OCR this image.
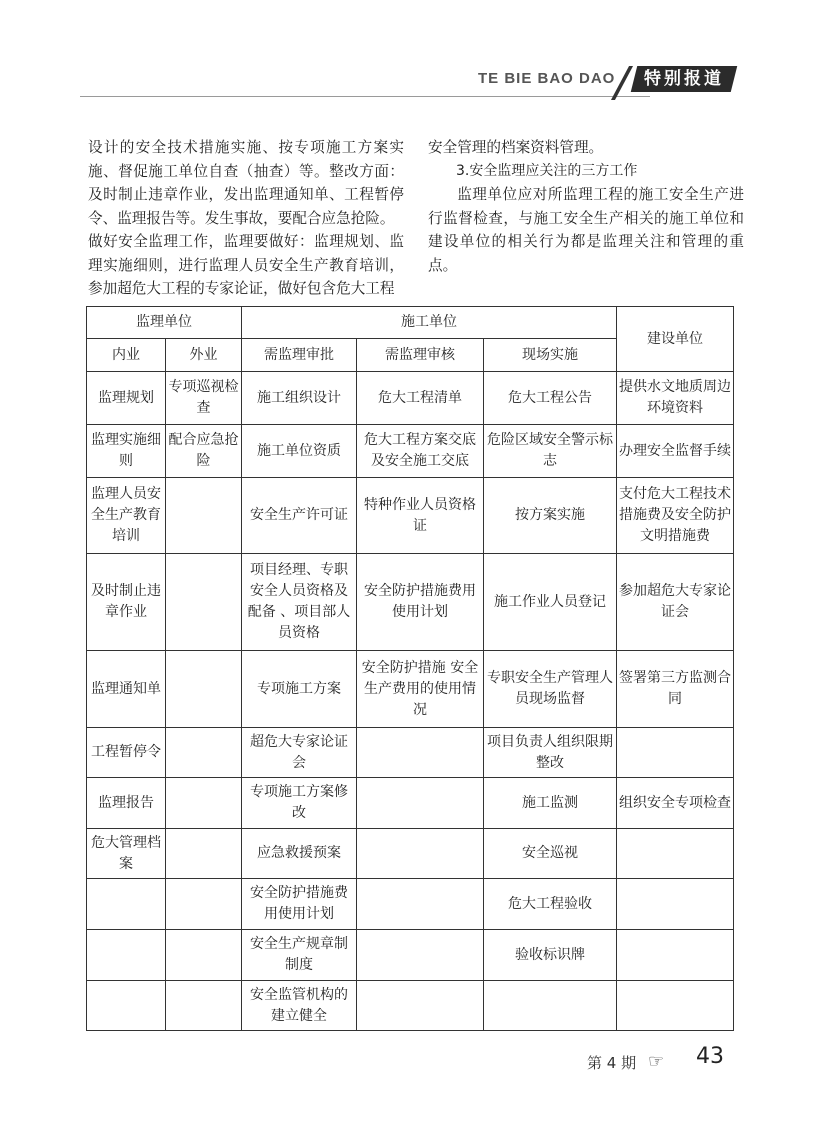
TE BIE BAO DAO	特别报道

设计的安全技术措施实施、按专项施工方案实施、督促施工单位自查（抽查）等。整改方面：及时制止违章作业，发出监理通知单、工程暂停令、监理报告等。发生事故，要配合应急抢险。

做好安全监理工作，监理要做好：监理规划、监理实施细则，进行监理人员安全生产教育培训，参加超危大工程的专家论证，做好包含危大工程

安全管理的档案资料管理。

3.安全监理应关注的三方工作

监理单位应对所监理工程的施工安全生产进行监督检查，与施工安全生产相关的施工单位和建设单位的相关行为都是监理关注和管理的重点。

监理单位		施工单位			建设单位
内业	外业	需监理审批	需监理审核	现场实施	
监理规划	专项巡视检查	施工组织设计	危大工程清单	危大工程公告	提供水文地质周边环境资料
监理实施细则	配合应急抢险	施工单位资质	危大工程方案交底及安全施工交底	危险区域安全警示标志	办理安全监督手续
监理人员安全生产教育培训		安全生产许可证	特种作业人员资格证	按方案实施	支付危大工程技术措施费及安全防护文明措施费
及时制止违章作业		项目经理、专职安全人员资格及配备 、项目部人员资格	安全防护措施费用使用计划	施工作业人员登记	参加超危大专家论证会
监理通知单		专项施工方案	安全防护措施 安全生产费用的使用情况	专职安全生产管理人员现场监督	签署第三方监测合同
工程暂停令		超危大专家论证会		项目负责人组织限期整改	
监理报告		专项施工方案修改		施工监测	组织安全专项检查
危大管理档案		应急救援预案		安全巡视	
		安全防护措施费用使用计划		危大工程验收	
		安全生产规章制制度		验收标识牌	
		安全监管机构的建立健全			
第 4 期 ☞ 43
